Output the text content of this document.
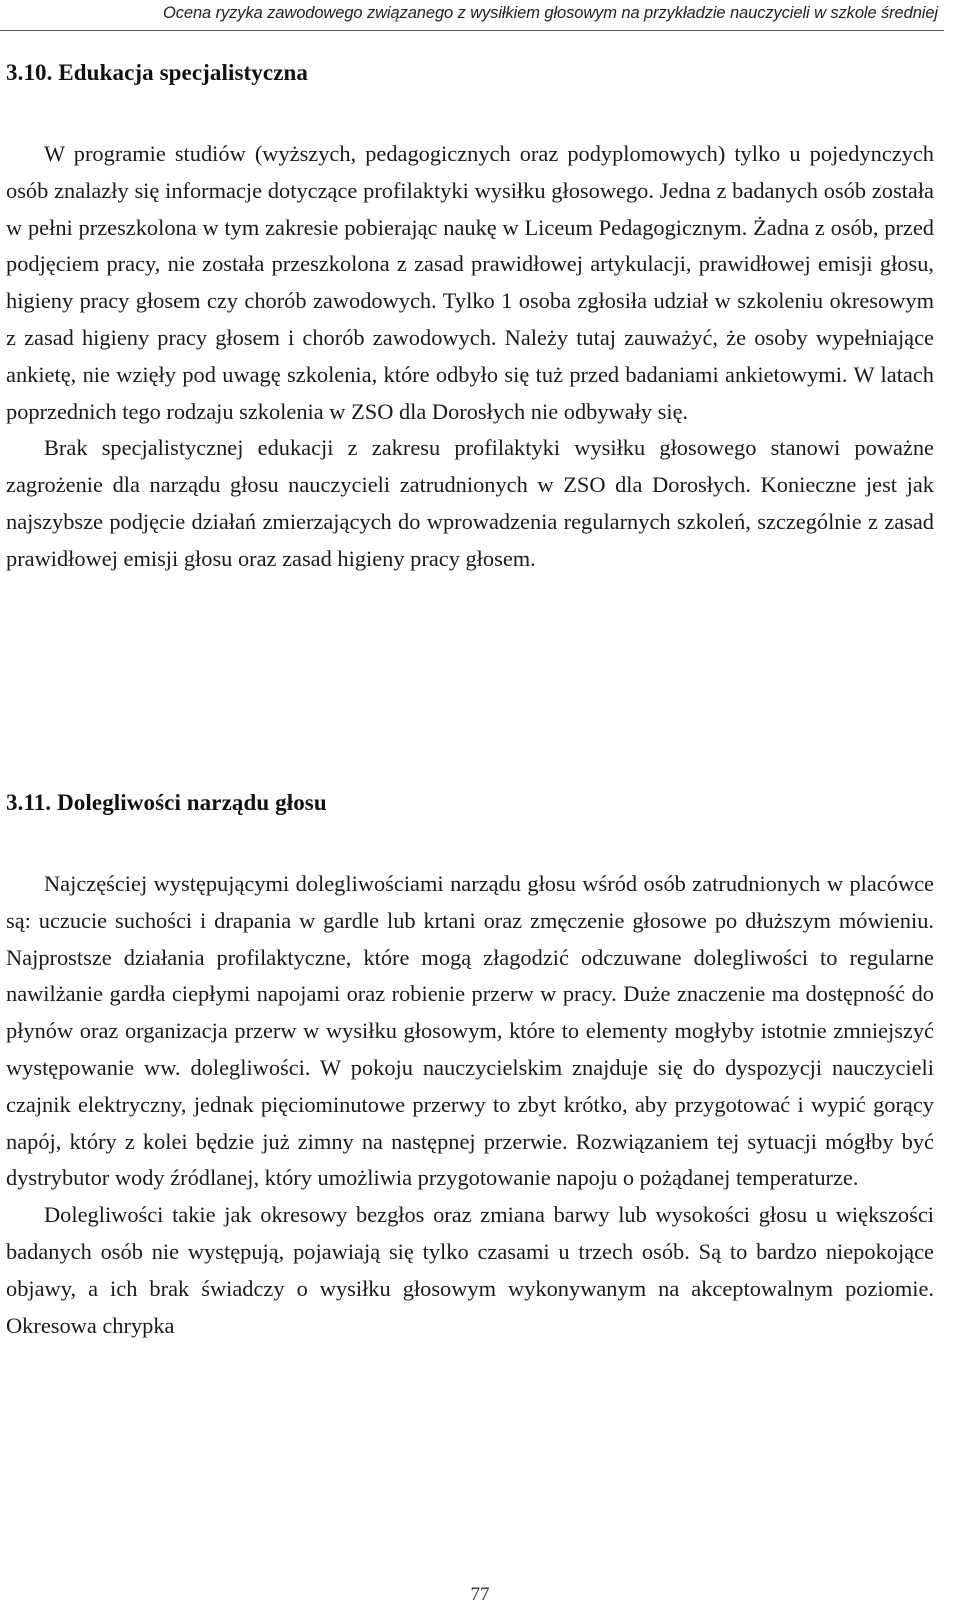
Ocena ryzyka zawodowego związanego z wysiłkiem głosowym na przykładzie nauczycieli w szkole średniej
3.10. Edukacja specjalistyczna

W programie studiów (wyższych, pedagogicznych oraz podyplomowych) tylko u pojedynczych osób znalazły się informacje dotyczące profilaktyki wysiłku głosowego. Jedna z badanych osób została w pełni przeszkolona w tym zakresie pobierając naukę w Liceum Pedagogicznym. Żadna z osób, przed podjęciem pracy, nie została przeszkolona z zasad prawidłowej artykulacji, prawidłowej emisji głosu, higieny pracy głosem czy chorób zawodowych. Tylko 1 osoba zgłosiła udział w szkoleniu okresowym z zasad higieny pracy głosem i chorób zawodowych. Należy tutaj zauważyć, że osoby wypełniające ankietę, nie wzięły pod uwagę szkolenia, które odbyło się tuż przed badaniami ankietowymi. W latach poprzednich tego rodzaju szkolenia w ZSO dla Dorosłych nie odbywały się.

Brak specjalistycznej edukacji z zakresu profilaktyki wysiłku głosowego stanowi poważne zagrożenie dla narządu głosu nauczycieli zatrudnionych w ZSO dla Dorosłych. Konieczne jest jak najszybsze podjęcie działań zmierzających do wprowadzenia regularnych szkoleń, szczególnie z zasad prawidłowej emisji głosu oraz zasad higieny pracy głosem.

3.11. Dolegliwości narządu głosu

Najczęściej występującymi dolegliwościami narządu głosu wśród osób zatrudnionych w placówce są: uczucie suchości i drapania w gardle lub krtani oraz zmęczenie głosowe po dłuższym mówieniu. Najprostsze działania profilaktyczne, które mogą złagodzić odczuwane dolegliwości to regularne nawilżanie gardła ciepłymi napojami oraz robienie przerw w pracy. Duże znaczenie ma dostępność do płynów oraz organizacja przerw w wysiłku głosowym, które to elementy mogłyby istotnie zmniejszyć występowanie ww. dolegliwości. W pokoju nauczycielskim znajduje się do dyspozycji nauczycieli czajnik elektryczny, jednak pięciominutowe przerwy to zbyt krótko, aby przygotować i wypić gorący napój, który z kolei będzie już zimny na następnej przerwie. Rozwiązaniem tej sytuacji mógłby być dystrybutor wody źródlanej, który umożliwia przygotowanie napoju o pożądanej temperaturze.

Dolegliwości takie jak okresowy bezgłos oraz zmiana barwy lub wysokości głosu u większości badanych osób nie występują, pojawiają się tylko czasami u trzech osób. Są to bardzo niepokojące objawy, a ich brak świadczy o wysiłku głosowym wykonywanym na akceptowalnym poziomie. Okresowa chrypka

77
